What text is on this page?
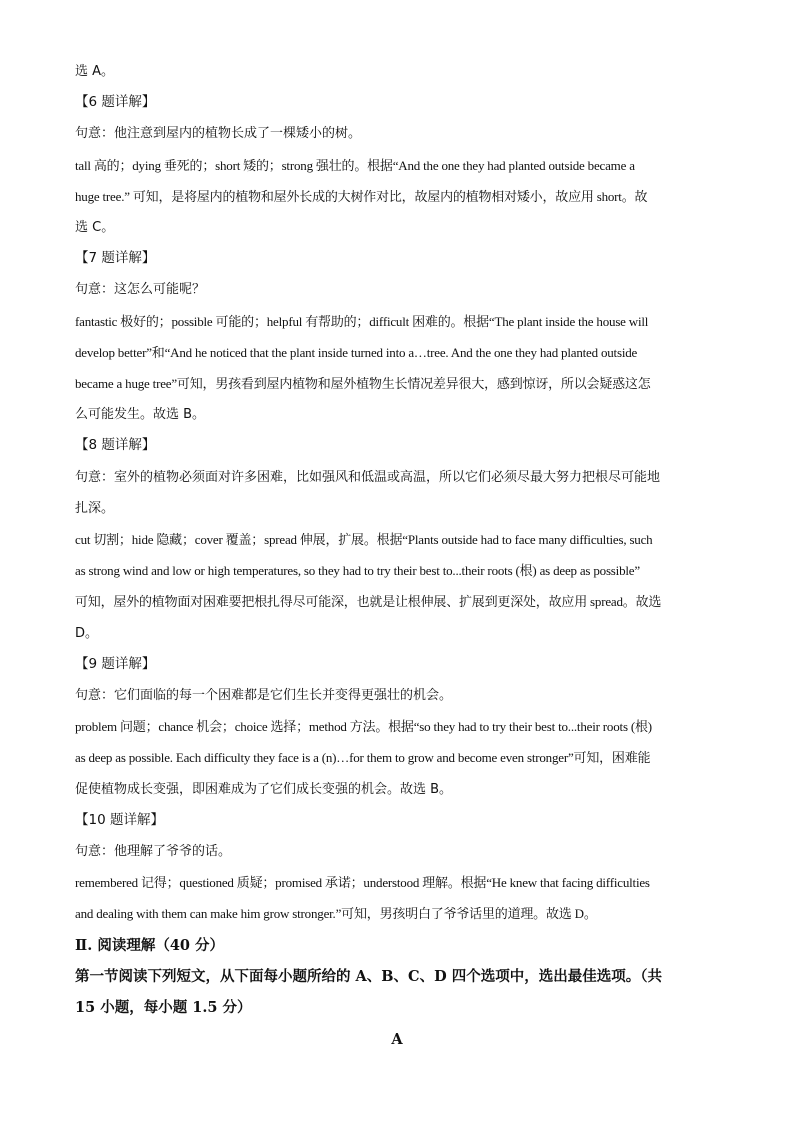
选 A。
【6 题详解】
句意：他注意到屋内的植物长成了一棵矮小的树。
tall 高的；dying 垂死的；short 矮的；strong 强壮的。根据“And the one they had planted outside became a
huge tree.” 可知，是将屋内的植物和屋外长成的大树作对比，故屋内的植物相对矮小，故应用 short。故
选 C。
【7 题详解】
句意：这怎么可能呢？
fantastic 极好的；possible 可能的；helpful 有帮助的；difficult 困难的。根据“The plant inside the house will
develop better”和“And he noticed that the plant inside turned into a…tree. And the one they had planted outside
became a huge tree”可知，男孩看到屋内植物和屋外植物生长情况差异很大，感到惊讶，所以会疑惑这怎
么可能发生。故选 B。
【8 题详解】
句意：室外的植物必须面对许多困难，比如强风和低温或高温，所以它们必须尽最大努力把根尽可能地
扎深。
cut 切割；hide 隐藏；cover 覆盖；spread 伸展，扩展。根据“Plants outside had to face many difficulties, such
as strong wind and low or high temperatures, so they had to try their best to...their roots (根) as deep as possible”
可知，屋外的植物面对困难要把根扎得尽可能深，也就是让根伸展、扩展到更深处，故应用 spread。故选
D。
【9 题详解】
句意：它们面临的每一个困难都是它们生长并变得更强壮的机会。
problem 问题；chance 机会；choice 选择；method 方法。根据“so they had to try their best to...their roots (根)
as deep as possible. Each difficulty they face is a (n)…for them to grow and become even stronger”可知，困难能
促使植物成长变强，即困难成为了它们成长变强的机会。故选 B。
【10 题详解】
句意：他理解了爷爷的话。
remembered 记得；questioned 质疑；promised 承诺；understood 理解。根据“He knew that facing difficulties
and dealing with them can make him grow stronger.”可知，男孩明白了爷爷话里的道理。故选 D。
Ⅱ. 阅读理解（40 分）
第一节阅读下列短文，从下面每小题所给的 A、B、C、D 四个选项中，选出最佳选项。（共
15 小题，每小题 1.5 分）
A
